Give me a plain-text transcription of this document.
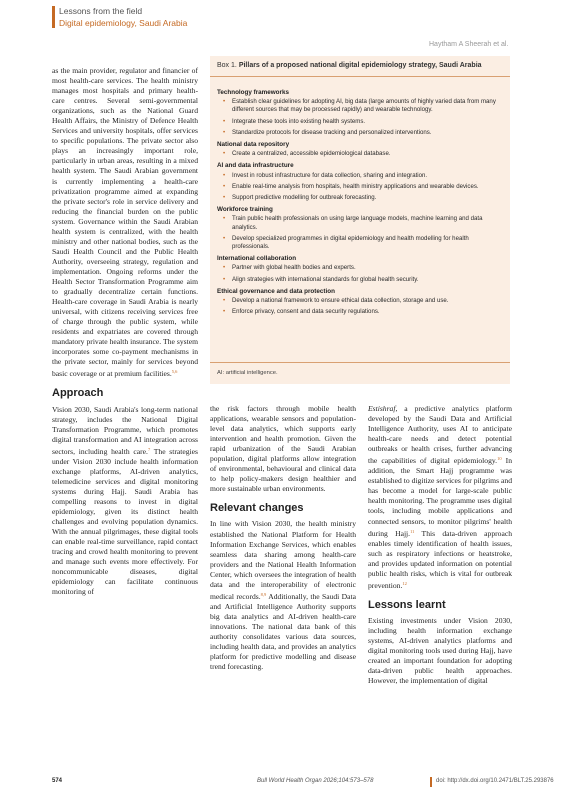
Lessons from the field
Digital epidemiology, Saudi Arabia
Haytham A Sheerah et al.

as the main provider, regulator and financier of most health-care services. The health ministry manages most hospitals and primary health-care centres. Several semi-governmental organizations, such as the National Guard Health Affairs, the Ministry of Defence Health Services and university hospitals, offer services to specific populations. The private sector also plays an increasingly important role, particularly in urban areas, resulting in a mixed health system. The Saudi Arabian government is currently implementing a health-care privatization programme aimed at expanding the private sector's role in service delivery and reducing the financial burden on the public system. Governance within the Saudi Arabian health system is centralized, with the health ministry and other national bodies, such as the Saudi Health Council and the Public Health Authority, overseeing strategy, regulation and implementation. Ongoing reforms under the Health Sector Transformation Programme aim to gradually decentralize certain functions. Health-care coverage in Saudi Arabia is nearly universal, with citizens receiving services free of charge through the public system, while residents and expatriates are covered through mandatory private health insurance. The system incorporates some co-payment mechanisms in the private sector, mainly for services beyond basic coverage or at premium facilities.$^{5,6}$

Approach

Vision 2030, Saudi Arabia's long-term national strategy, includes the National Digital Transformation Programme, which promotes digital transformation and AI integration across sectors, including health care.$^7$ The strategies under Vision 2030 include health information exchange platforms, AI-driven analytics, telemedicine services and digital monitoring systems during Hajj. Saudi Arabia has compelling reasons to invest in digital epidemiology, given its distinct health challenges and evolving population dynamics. With the annual pilgrimages, these digital tools can enable real-time surveillance, rapid contact tracing and crowd health monitoring to prevent and manage such events more effectively. For noncommunicable diseases, digital epidemiology can facilitate continuous monitoring of

Box 1. Pillars of a proposed national digital epidemiology strategy, Saudi Arabia
Technology frameworks
• Establish clear guidelines for adopting AI, big data (large amounts of highly varied data from many different sources that may be processed rapidly) and wearable technology.
• Integrate these tools into existing health systems.
• Standardize protocols for disease tracking and personalized interventions.
National data repository
• Create a centralized, accessible epidemiological database.
AI and data infrastructure
• Invest in robust infrastructure for data collection, sharing and integration.
• Enable real-time analysis from hospitals, health ministry applications and wearable devices.
• Support predictive modelling for outbreak forecasting.
Workforce training
• Train public health professionals on using large language models, machine learning and data analytics.
• Develop specialized programmes in digital epidemiology and health modelling for health professionals.
International collaboration
• Partner with global health bodies and experts.
• Align strategies with international standards for global health security.
Ethical governance and data protection
• Develop a national framework to ensure ethical data collection, storage and use.
• Enforce privacy, consent and data security regulations.
AI: artificial intelligence.

the risk factors through mobile health applications, wearable sensors and population-level data analytics, which supports early intervention and health promotion. Given the rapid urbanization of the Saudi Arabian population, digital platforms allow integration of environmental, behavioural and clinical data to help policy-makers design healthier and more sustainable urban environments.

Relevant changes

In line with Vision 2030, the health ministry established the National Platform for Health Information Exchange Services, which enables seamless data sharing among health-care providers and the National Health Information Center, which oversees the integration of health data and the interoperability of electronic medical records.$^{8,9}$ Additionally, the Saudi Data and Artificial Intelligence Authority supports big data analytics and AI-driven health-care innovations. The national data bank of this authority consolidates various data sources, including health data, and provides an analytics platform for predictive modelling and disease trend forecasting.

Estishraf, a predictive analytics platform developed by the Saudi Data and Artificial Intelligence Authority, uses AI to anticipate health-care needs and detect potential outbreaks or health crises, further advancing the capabilities of digital epidemiology.$^{10}$ In addition, the Smart Hajj programme was established to digitize services for pilgrims and has become a model for large-scale public health monitoring. The programme uses digital tools, including mobile applications and connected sensors, to monitor pilgrims' health during Hajj.$^{11}$ This data-driven approach enables timely identification of health issues, such as respiratory infections or heatstroke, and provides updated information on potential public health risks, which is vital for outbreak prevention.$^{12}$

Lessons learnt

Existing investments under Vision 2030, including health information exchange systems, AI-driven analytics platforms and digital monitoring tools used during Hajj, have created an important foundation for adopting data-driven public health approaches. However, the implementation of digital

574	Bull World Health Organ 2026;104:573–578	doi: http://dx.doi.org/10.2471/BLT.25.293876
